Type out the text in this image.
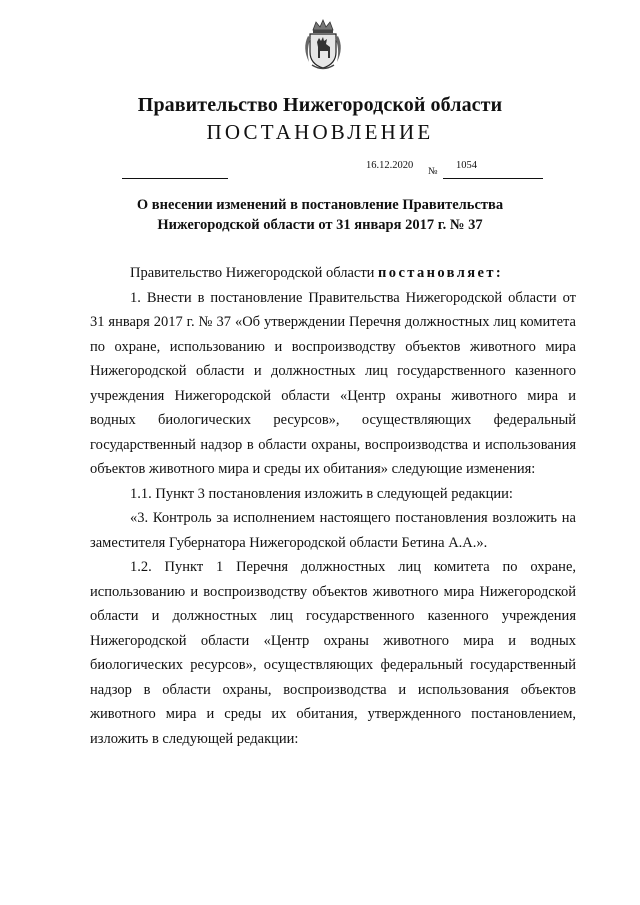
Правительство Нижегородской области
ПОСТАНОВЛЕНИЕ
16.12.2020
№
1054
О внесении изменений в постановление Правительства
Нижегородской области от 31 января 2017 г. № 37

Правительство Нижегородской области постановляет:

1. Внести в постановление Правительства Нижегородской области от 31 января 2017 г. № 37 «Об утверждении Перечня должностных лиц комитета по охране, использованию и воспроизводству объектов животного мира Нижегородской области и должностных лиц государственного казенного учреждения Нижегородской области «Центр охраны животного мира и водных биологических ресурсов», осуществляющих федеральный государственный надзор в области охраны, воспроизводства и использования объектов животного мира и среды их обитания» следующие изменения:

1.1. Пункт 3 постановления изложить в следующей редакции:

«3. Контроль за исполнением настоящего постановления возложить на заместителя Губернатора Нижегородской области Бетина А.А.».

1.2. Пункт 1 Перечня должностных лиц комитета по охране, использованию и воспроизводству объектов животного мира Нижегородской области и должностных лиц государственного казенного учреждения Нижегородской области «Центр охраны животного мира и водных биологических ресурсов», осуществляющих федеральный государственный надзор в области охраны, воспроизводства и использования объектов животного мира и среды их обитания, утвержденного постановлением, изложить в следующей редакции:
